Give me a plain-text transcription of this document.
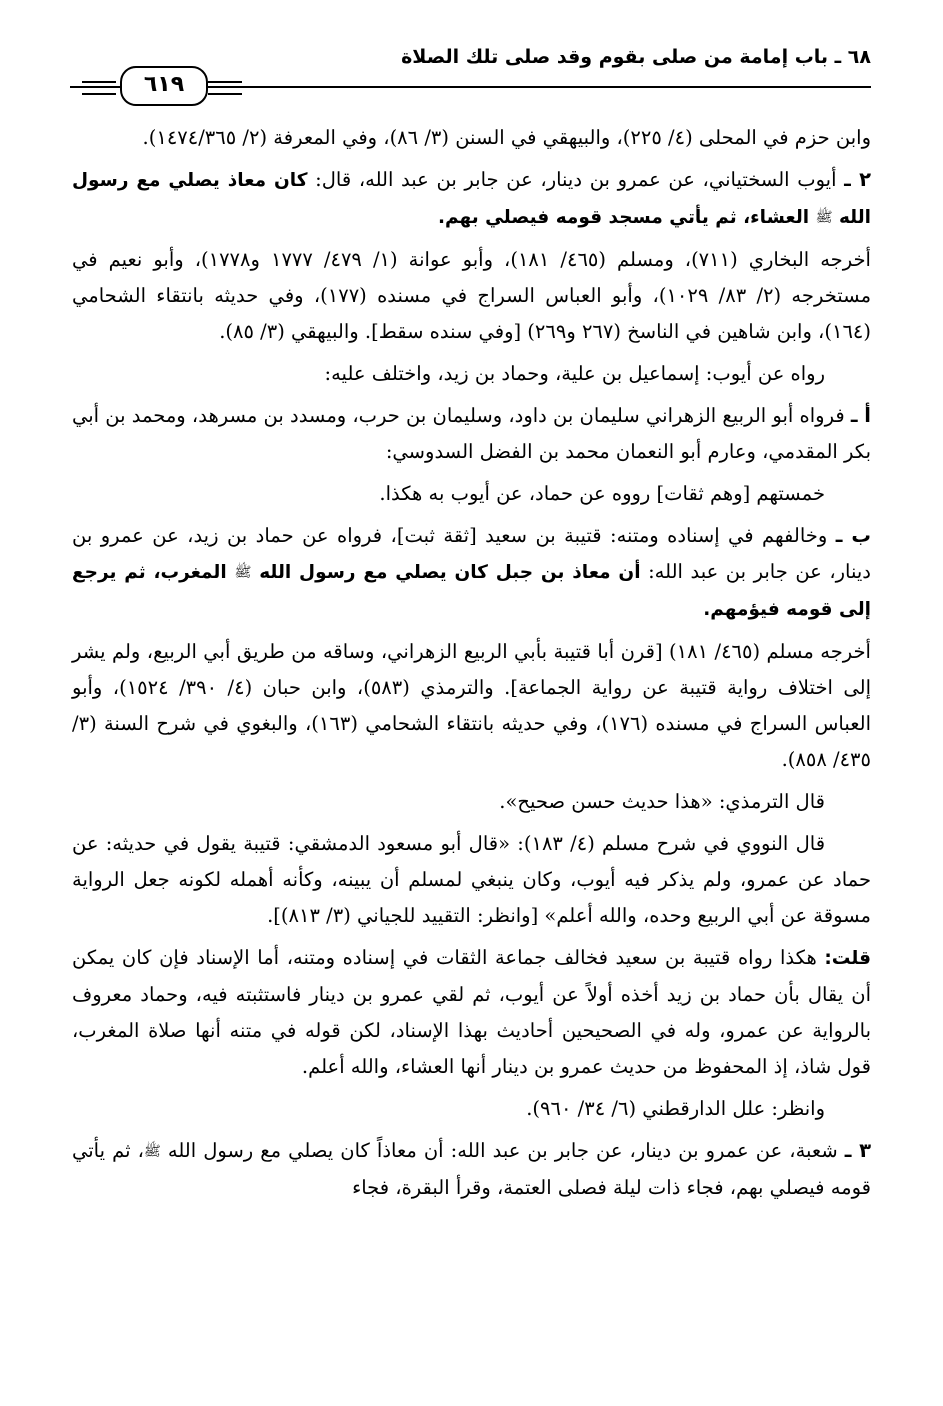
٦٨ ـ باب إمامة من صلى بقوم وقد صلى تلك الصلاة
٦١٩

وابن حزم في المحلى (٤/ ٢٢٥)، والبيهقي في السنن (٣/ ٨٦)، وفي المعرفة (٢/ ١٤٧٤/٣٦٥).

٢ ـ أيوب السختياني، عن عمرو بن دينار، عن جابر بن عبد الله، قال: كان معاذ يصلي مع رسول الله ﷺ العشاء، ثم يأتي مسجد قومه فيصلي بهم.

أخرجه البخاري (٧١١)، ومسلم (٤٦٥/ ١٨١)، وأبو عوانة (١/ ٤٧٩/ ١٧٧٧ و١٧٧٨)، وأبو نعيم في مستخرجه (٢/ ٨٣/ ١٠٢٩)، وأبو العباس السراج في مسنده (١٧٧)، وفي حديثه بانتقاء الشحامي (١٦٤)، وابن شاهين في الناسخ (٢٦٧ و٢٦٩) [وفي سنده سقط]. والبيهقي (٣/ ٨٥).

رواه عن أيوب: إسماعيل بن علية، وحماد بن زيد، واختلف عليه:

أ ـ فرواه أبو الربيع الزهراني سليمان بن داود، وسليمان بن حرب، ومسدد بن مسرهد، ومحمد بن أبي بكر المقدمي، وعارم أبو النعمان محمد بن الفضل السدوسي:

خمستهم [وهم ثقات] رووه عن حماد، عن أيوب به هكذا.

ب ـ وخالفهم في إسناده ومتنه: قتيبة بن سعيد [ثقة ثبت]، فرواه عن حماد بن زيد، عن عمرو بن دينار، عن جابر بن عبد الله: أن معاذ بن جبل كان يصلي مع رسول الله ﷺ المغرب، ثم يرجع إلى قومه فيؤمهم.

أخرجه مسلم (٤٦٥/ ١٨١) [قرن أبا قتيبة بأبي الربيع الزهراني، وساقه من طريق أبي الربيع، ولم يشر إلى اختلاف رواية قتيبة عن رواية الجماعة]. والترمذي (٥٨٣)، وابن حبان (٤/ ٣٩٠/ ١٥٢٤)، وأبو العباس السراج في مسنده (١٧٦)، وفي حديثه بانتقاء الشحامي (١٦٣)، والبغوي في شرح السنة (٣/ ٤٣٥/ ٨٥٨).

قال الترمذي: «هذا حديث حسن صحيح».

قال النووي في شرح مسلم (٤/ ١٨٣): «قال أبو مسعود الدمشقي: قتيبة يقول في حديثه: عن حماد عن عمرو، ولم يذكر فيه أيوب، وكان ينبغي لمسلم أن يبينه، وكأنه أهمله لكونه جعل الرواية مسوقة عن أبي الربيع وحده، والله أعلم» [وانظر: التقييد للجياني (٣/ ٨١٣)].

قلت: هكذا رواه قتيبة بن سعيد فخالف جماعة الثقات في إسناده ومتنه، أما الإسناد فإن كان يمكن أن يقال بأن حماد بن زيد أخذه أولاً عن أيوب، ثم لقي عمرو بن دينار فاستثبته فيه، وحماد معروف بالرواية عن عمرو، وله في الصحيحين أحاديث بهذا الإسناد، لكن قوله في متنه أنها صلاة المغرب، قول شاذ، إذ المحفوظ من حديث عمرو بن دينار أنها العشاء، والله أعلم.

وانظر: علل الدارقطني (٦/ ٣٤/ ٩٦٠).

٣ ـ شعبة، عن عمرو بن دينار، عن جابر بن عبد الله: أن معاذاً كان يصلي مع رسول الله ﷺ، ثم يأتي قومه فيصلي بهم، فجاء ذات ليلة فصلى العتمة، وقرأ البقرة، فجاء
